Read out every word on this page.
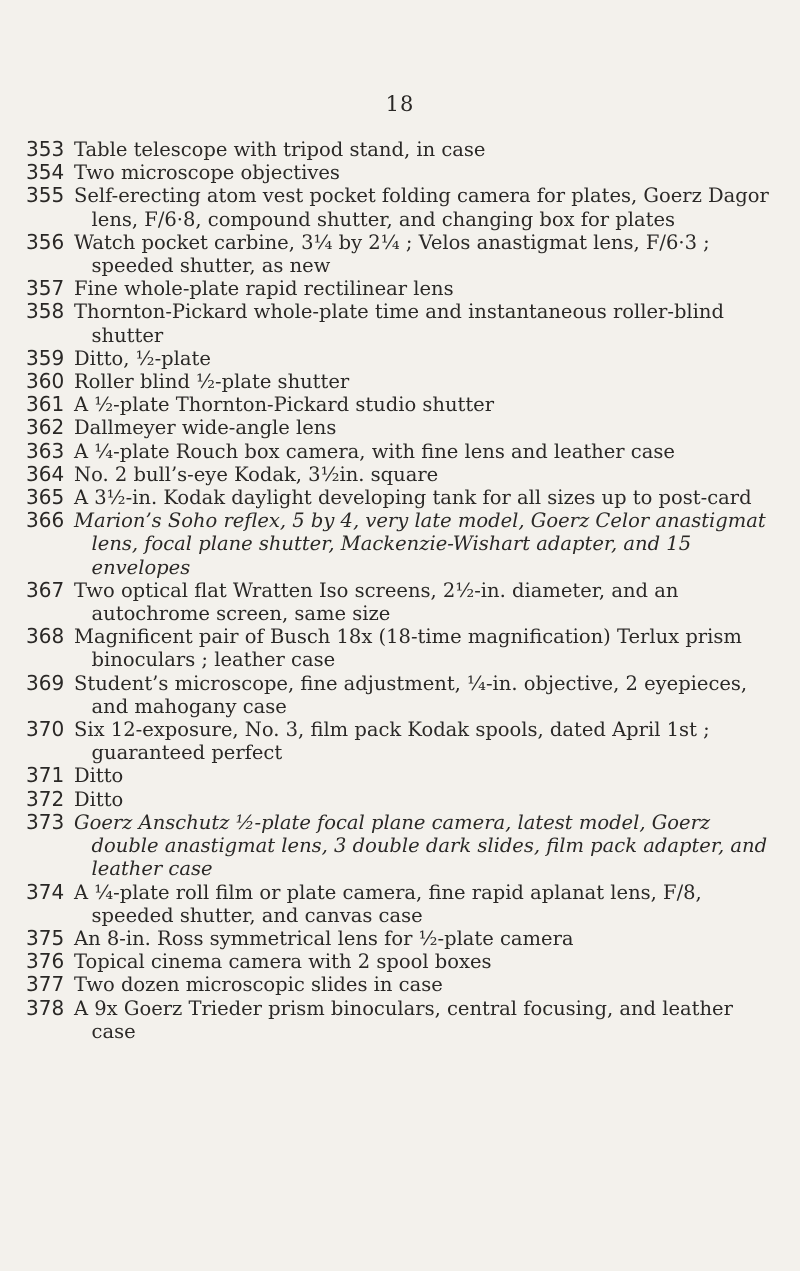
18
353 Table telescope with tripod stand, in case
354 Two microscope objectives
355 Self-erecting atom vest pocket folding camera for plates, Goerz Dagor lens, F/6·8, compound shutter, and changing box for plates
356 Watch pocket carbine, 3¼ by 2¼ ; Velos anastigmat lens, F/6·3 ; speeded shutter, as new
357 Fine whole-plate rapid rectilinear lens
358 Thornton-Pickard whole-plate time and instantaneous roller-blind shutter
359 Ditto, ½-plate
360 Roller blind ½-plate shutter
361 A ½-plate Thornton-Pickard studio shutter
362 Dallmeyer wide-angle lens
363 A ¼-plate Rouch box camera, with fine lens and leather case
364 No. 2 bull’s-eye Kodak, 3½in. square
365 A 3½-in. Kodak daylight developing tank for all sizes up to post-card
366 Marion’s Soho reflex, 5 by 4, very late model, Goerz Celor anastigmat lens, focal plane shutter, Mackenzie-Wishart adapter, and 15 envelopes
367 Two optical flat Wratten Iso screens, 2½-in. diameter, and an autochrome screen, same size
368 Magnificent pair of Busch 18x (18-time magnification) Terlux prism binoculars ; leather case
369 Student’s microscope, fine adjustment, ¼-in. objective, 2 eyepieces, and mahogany case
370 Six 12-exposure, No. 3, film pack Kodak spools, dated April 1st ; guaranteed perfect
371 Ditto
372 Ditto
373 Goerz Anschutz ½-plate focal plane camera, latest model, Goerz double anastigmat lens, 3 double dark slides, film pack adapter, and leather case
374 A ¼-plate roll film or plate camera, fine rapid aplanat lens, F/8, speeded shutter, and canvas case
375 An 8-in. Ross symmetrical lens for ½-plate camera
376 Topical cinema camera with 2 spool boxes
377 Two dozen microscopic slides in case
378 A 9x Goerz Trieder prism binoculars, central focusing, and leather case
